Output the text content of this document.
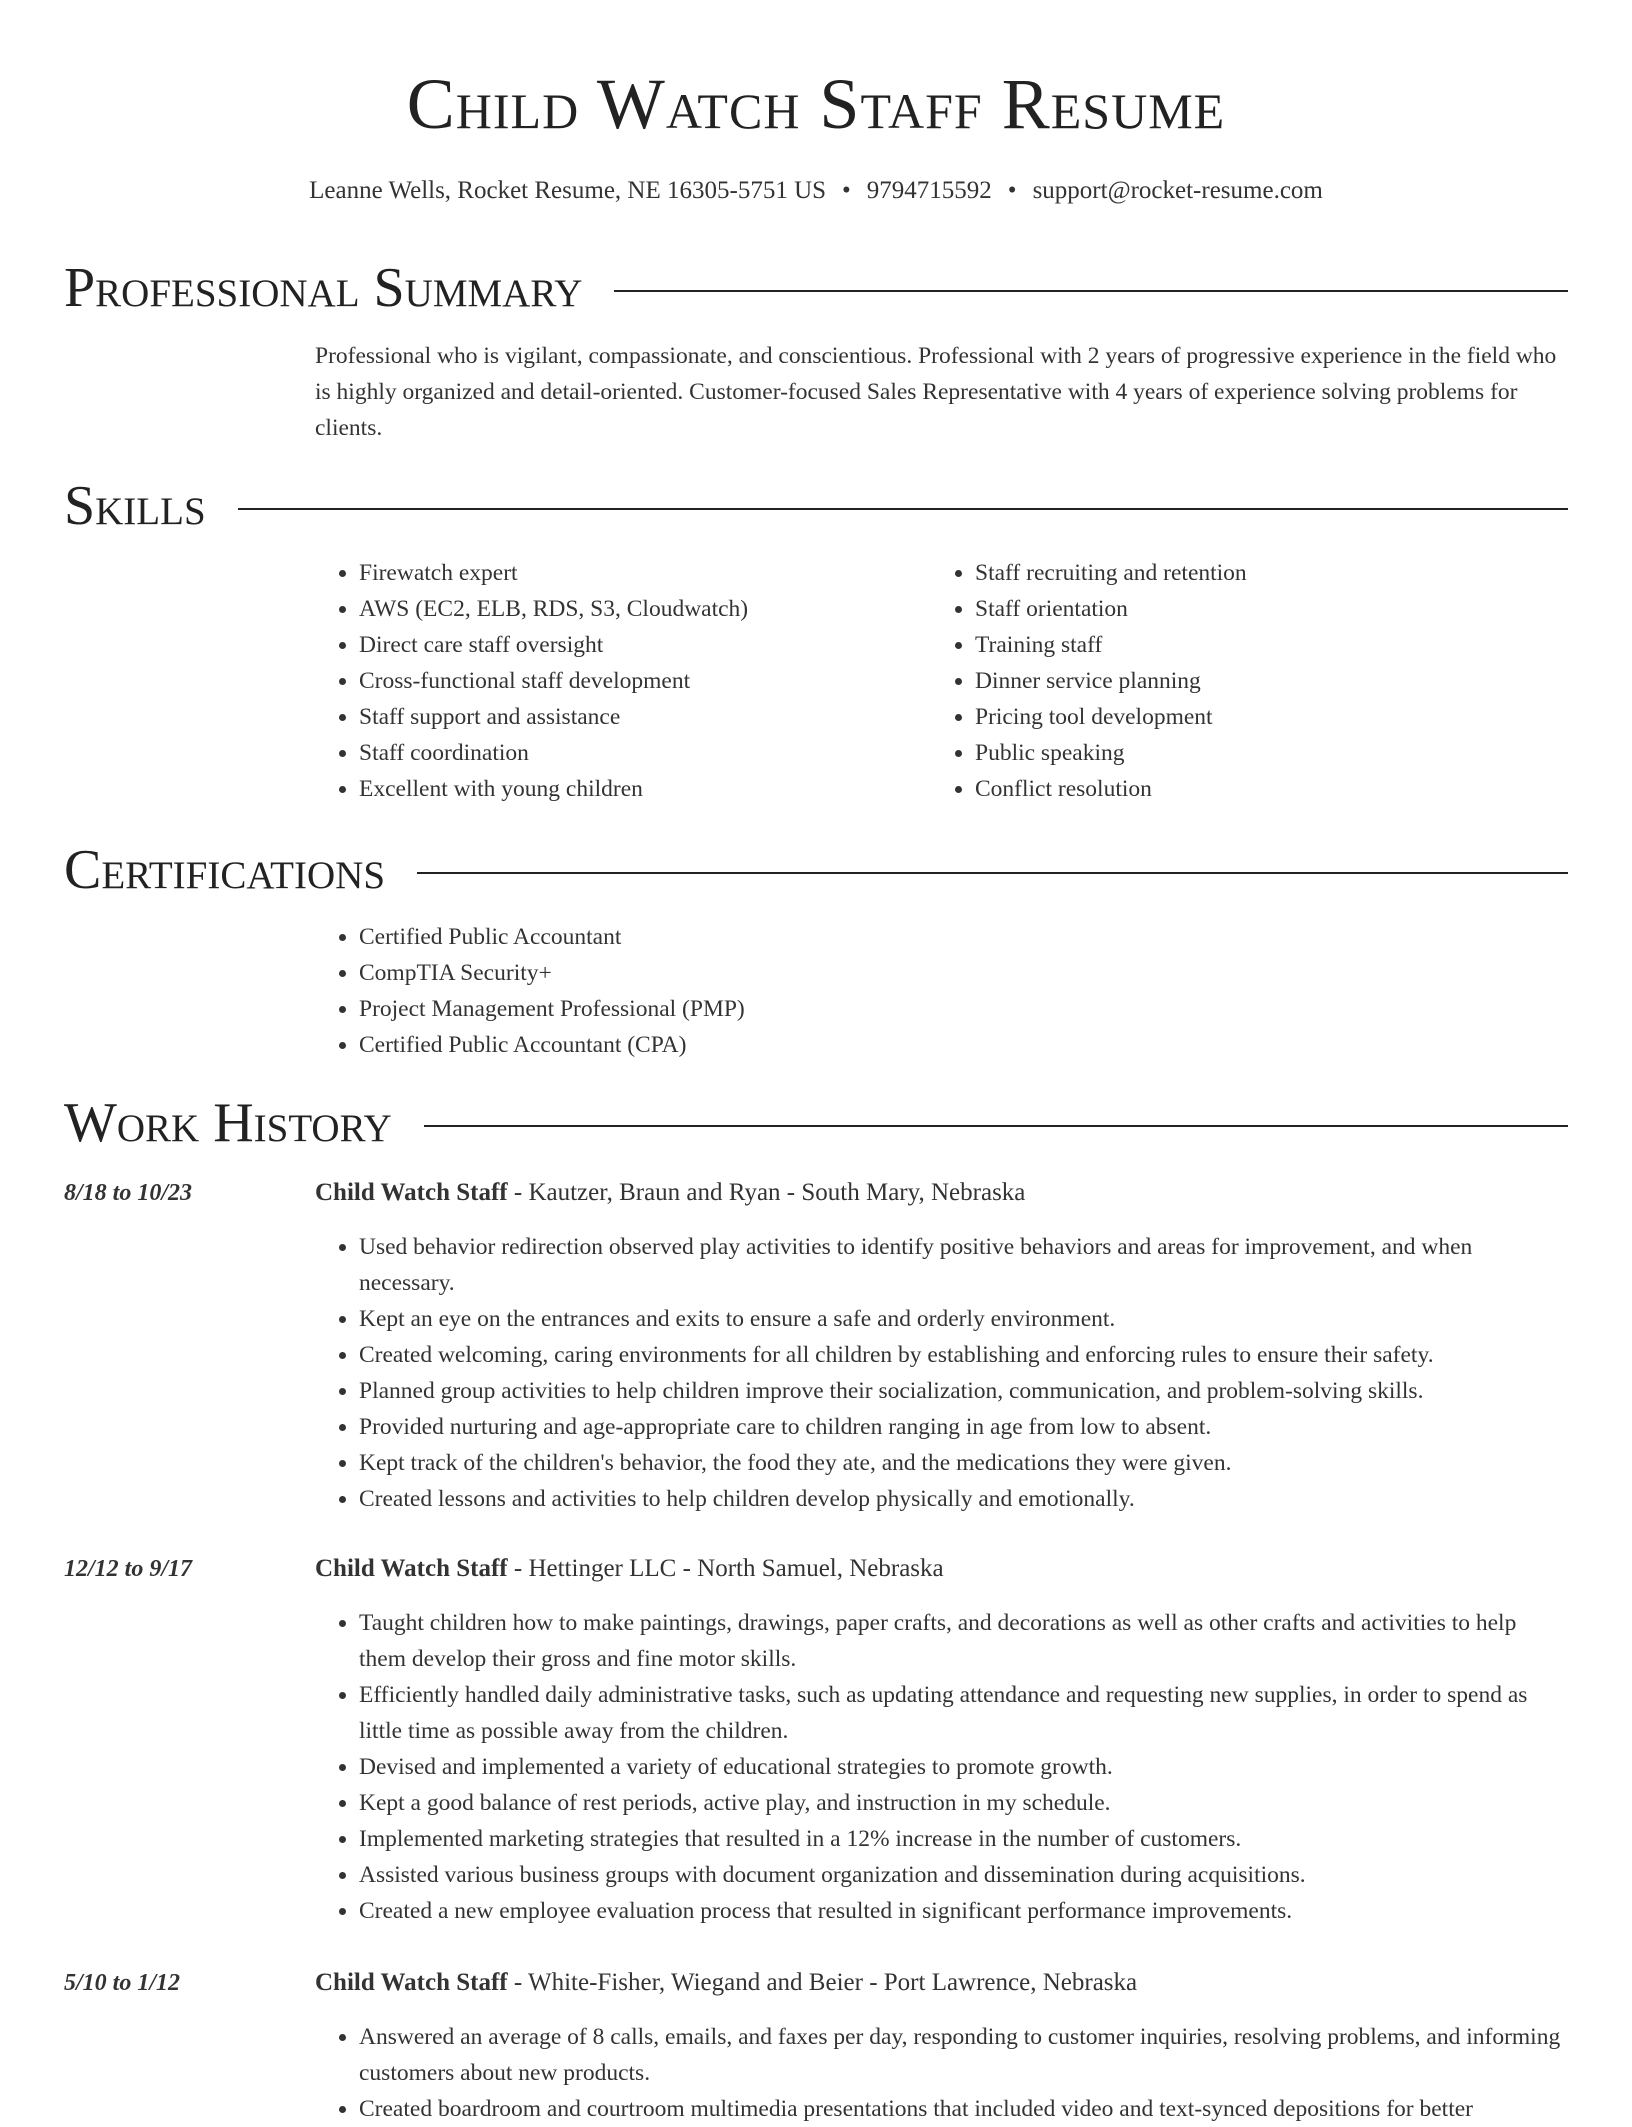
Child Watch Staff Resume
Leanne Wells, Rocket Resume, NE 16305-5751 US • 9794715592 • support@rocket-resume.com
Professional Summary
Professional who is vigilant, compassionate, and conscientious. Professional with 2 years of progressive experience in the field who is highly organized and detail-oriented. Customer-focused Sales Representative with 4 years of experience solving problems for clients.
Skills
• Firewatch expert
• AWS (EC2, ELB, RDS, S3, Cloudwatch)
• Direct care staff oversight
• Cross-functional staff development
• Staff support and assistance
• Staff coordination
• Excellent with young children
• Staff recruiting and retention
• Staff orientation
• Training staff
• Dinner service planning
• Pricing tool development
• Public speaking
• Conflict resolution
Certifications
• Certified Public Accountant
• CompTIA Security+
• Project Management Professional (PMP)
• Certified Public Accountant (CPA)
Work History
8/18 to 10/23	Child Watch Staff - Kautzer, Braun and Ryan - South Mary, Nebraska
• Used behavior redirection observed play activities to identify positive behaviors and areas for improvement, and when necessary.
• Kept an eye on the entrances and exits to ensure a safe and orderly environment.
• Created welcoming, caring environments for all children by establishing and enforcing rules to ensure their safety.
• Planned group activities to help children improve their socialization, communication, and problem-solving skills.
• Provided nurturing and age-appropriate care to children ranging in age from low to absent.
• Kept track of the children's behavior, the food they ate, and the medications they were given.
• Created lessons and activities to help children develop physically and emotionally.
12/12 to 9/17	Child Watch Staff - Hettinger LLC - North Samuel, Nebraska
• Taught children how to make paintings, drawings, paper crafts, and decorations as well as other crafts and activities to help them develop their gross and fine motor skills.
• Efficiently handled daily administrative tasks, such as updating attendance and requesting new supplies, in order to spend as little time as possible away from the children.
• Devised and implemented a variety of educational strategies to promote growth.
• Kept a good balance of rest periods, active play, and instruction in my schedule.
• Implemented marketing strategies that resulted in a 12% increase in the number of customers.
• Assisted various business groups with document organization and dissemination during acquisitions.
• Created a new employee evaluation process that resulted in significant performance improvements.
5/10 to 1/12	Child Watch Staff - White-Fisher, Wiegand and Beier - Port Lawrence, Nebraska
• Answered an average of 8 calls, emails, and faxes per day, responding to customer inquiries, resolving problems, and informing customers about new products.
• Created boardroom and courtroom multimedia presentations that included video and text-synced depositions for better
